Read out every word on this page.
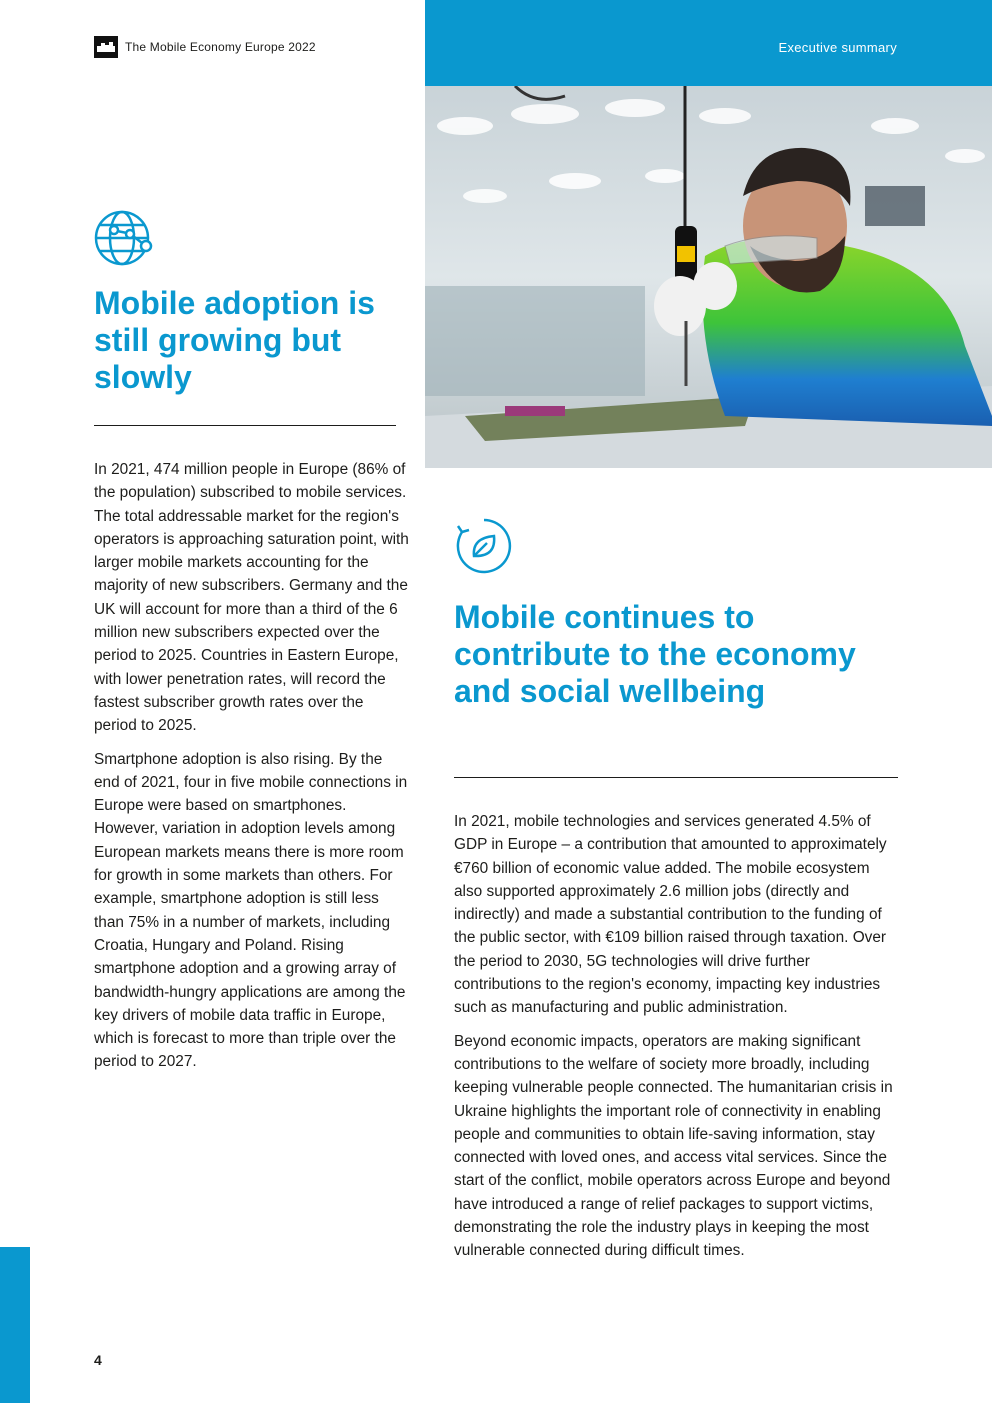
The Mobile Economy Europe 2022	Executive summary
Mobile adoption is still growing but slowly

In 2021, 474 million people in Europe (86% of the population) subscribed to mobile services. The total addressable market for the region's operators is approaching saturation point, with larger mobile markets accounting for the majority of new subscribers. Germany and the UK will account for more than a third of the 6 million new subscribers expected over the period to 2025. Countries in Eastern Europe, with lower penetration rates, will record the fastest subscriber growth rates over the period to 2025.

Smartphone adoption is also rising. By the end of 2021, four in five mobile connections in Europe were based on smartphones. However, variation in adoption levels among European markets means there is more room for growth in some markets than others. For example, smartphone adoption is still less than 75% in a number of markets, including Croatia, Hungary and Poland. Rising smartphone adoption and a growing array of bandwidth-hungry applications are among the key drivers of mobile data traffic in Europe, which is forecast to more than triple over the period to 2027.

Mobile continues to contribute to the economy and social wellbeing

In 2021, mobile technologies and services generated 4.5% of GDP in Europe – a contribution that amounted to approximately €760 billion of economic value added. The mobile ecosystem also supported approximately 2.6 million jobs (directly and indirectly) and made a substantial contribution to the funding of the public sector, with €109 billion raised through taxation. Over the period to 2030, 5G technologies will drive further contributions to the region's economy, impacting key industries such as manufacturing and public administration.

Beyond economic impacts, operators are making significant contributions to the welfare of society more broadly, including keeping vulnerable people connected. The humanitarian crisis in Ukraine highlights the important role of connectivity in enabling people and communities to obtain life-saving information, stay connected with loved ones, and access vital services. Since the start of the conflict, mobile operators across Europe and beyond have introduced a range of relief packages to support victims, demonstrating the role the industry plays in keeping the most vulnerable connected during difficult times.

4
